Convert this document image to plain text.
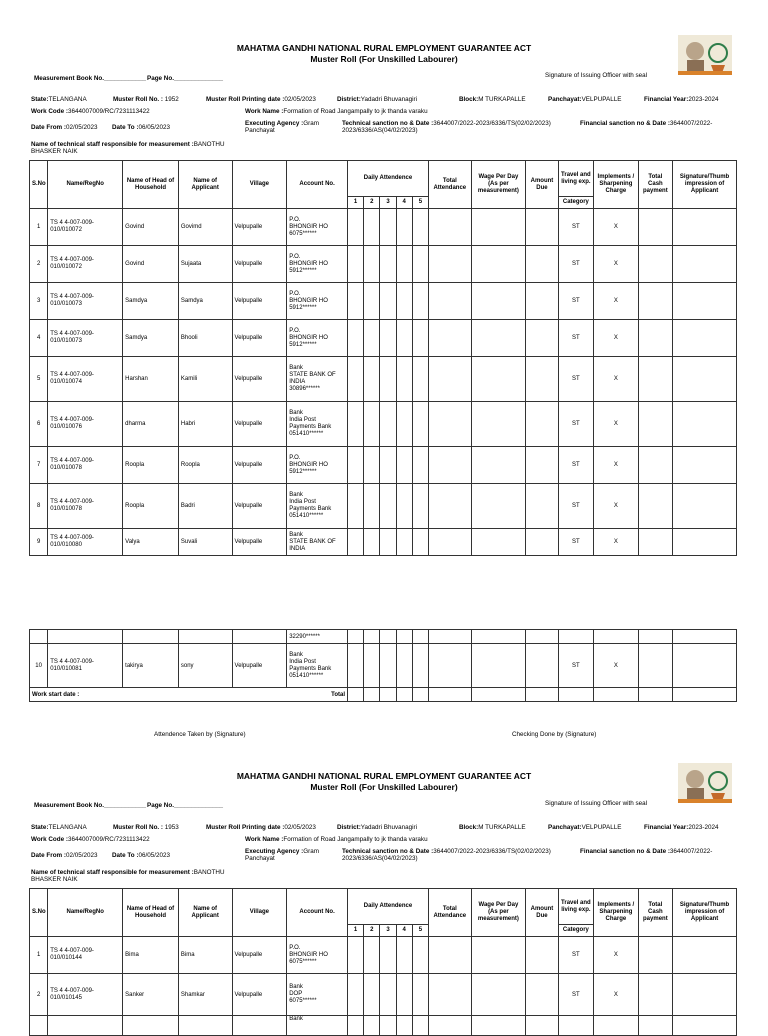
MAHATMA GANDHI NATIONAL RURAL EMPLOYMENT GUARANTEE ACT
Muster Roll (For Unskilled Labourer)
Measurement Book No.____________ Page No.______________	Signature of Issuing Officer with seal
State:TELANGANA	Muster Roll No. : 1952	Muster Roll Printing date :02/05/2023	District:Yadadri Bhuvanagiri	Block:M TURKAPALLE	Panchayat:VELPUPALLE	Financial Year:2023-2024
Work Code :3644007009/RC/7231113422	Work Name :Formation of Road Jangampally to jk thanda varaku
Date From :02/05/2023 Date To :06/05/2023
Executing Agency :Gram
Panchayat
Technical sanction no & Date :3644007/2022-2023/6336/TS(02/02/2023)
2023/6336/AS(04/02/2023)
Financial sanction no & Date :3644007/2022-
Name of technical staff responsible for measurement :BANOTHU
BHASKER NAIK
S.No	Name/RegNo	Name of Head of Household	Name of Applicant	Village	Account No.	Daily Attendence					Total Attendance	Wage Per Day (As per measurement)	Amount Due	Travel and living exp.	Implements / Sharpening Charge	Total Cash payment	Signature/Thumb impression of Applicant
						1	2	3	4	5				Category			
1	TS 4 4-007-009-010/010072	Govind	Govimd	Velpupalle	P.O.
BHONGIR HO
6075******									ST	X		
2	TS 4 4-007-009-010/010072	Govind	Sujaata	Velpupalle	P.O.
BHONGIR HO
5912******									ST	X		
3	TS 4 4-007-009-010/010073	Samdya	Samdya	Velpupalle	P.O.
BHONGIR HO
5912******									ST	X		
4	TS 4 4-007-009-010/010073	Samdya	Bhooli	Velpupalle	P.O.
BHONGIR HO
5912******									ST	X		
5	TS 4 4-007-009-010/010074	Harshan	Kamili	Velpupalle	Bank
STATE BANK OF
INDIA
30896******									ST	X		
6	TS 4 4-007-009-010/010076	dharma	Habri	Velpupalle	Bank
India Post
Payments Bank
051410******									ST	X		
7	TS 4 4-007-009-010/010078	Roopla	Roopla	Velpupalle	P.O.
BHONGIR HO
5912******									ST	X		
8	TS 4 4-007-009-010/010078	Roopla	Badri	Velpupalle	Bank
India Post
Payments Bank
051410******									ST	X		
9	TS 4 4-007-009-010/010080	Valya	Suvali	Velpupalle	Bank
STATE BANK OF
INDIA									ST	X		

					32290******												
10	TS 4 4-007-009-010/010081	takirya	sony	Velpupalle	Bank
India Post
Payments Bank
051410******									ST	X		
Work start date : Total																	

Attendence Taken by (Signature)	Checking Done by (Signature)
MAHATMA GANDHI NATIONAL RURAL EMPLOYMENT GUARANTEE ACT
Muster Roll (For Unskilled Labourer)
Measurement Book No.____________ Page No.______________	Signature of Issuing Officer with seal
State:TELANGANA	Muster Roll No. : 1953	Muster Roll Printing date :02/05/2023	District:Yadadri Bhuvanagiri	Block:M TURKAPALLE	Panchayat:VELPUPALLE	Financial Year:2023-2024
Work Code :3644007009/RC/7231113422	Work Name :Formation of Road Jangampally to jk thanda varaku
Date From :02/05/2023 Date To :06/05/2023
Executing Agency :Gram
Panchayat
Technical sanction no & Date :3644007/2022-2023/6336/TS(02/02/2023)
2023/6336/AS(04/02/2023)
Financial sanction no & Date :3644007/2022-
Name of technical staff responsible for measurement :BANOTHU
BHASKER NAIK
S.No	Name/RegNo	Name of Head of Household	Name of Applicant	Village	Account No.	Daily Attendence					Total Attendance	Wage Per Day (As per measurement)	Amount Due	Travel and living exp.	Implements / Sharpening Charge	Total Cash payment	Signature/Thumb impression of Applicant
						1	2	3	4	5				Category			
1	TS 4 4-007-009-010/010144	Bima	Bima	Velpupalle	P.O.
BHONGIR HO
6075******									ST	X		
2	TS 4 4-007-009-010/010145	Sanker	Shamkar	Velpupalle	Bank
DOP
6075******									ST	X		
					Bank												
